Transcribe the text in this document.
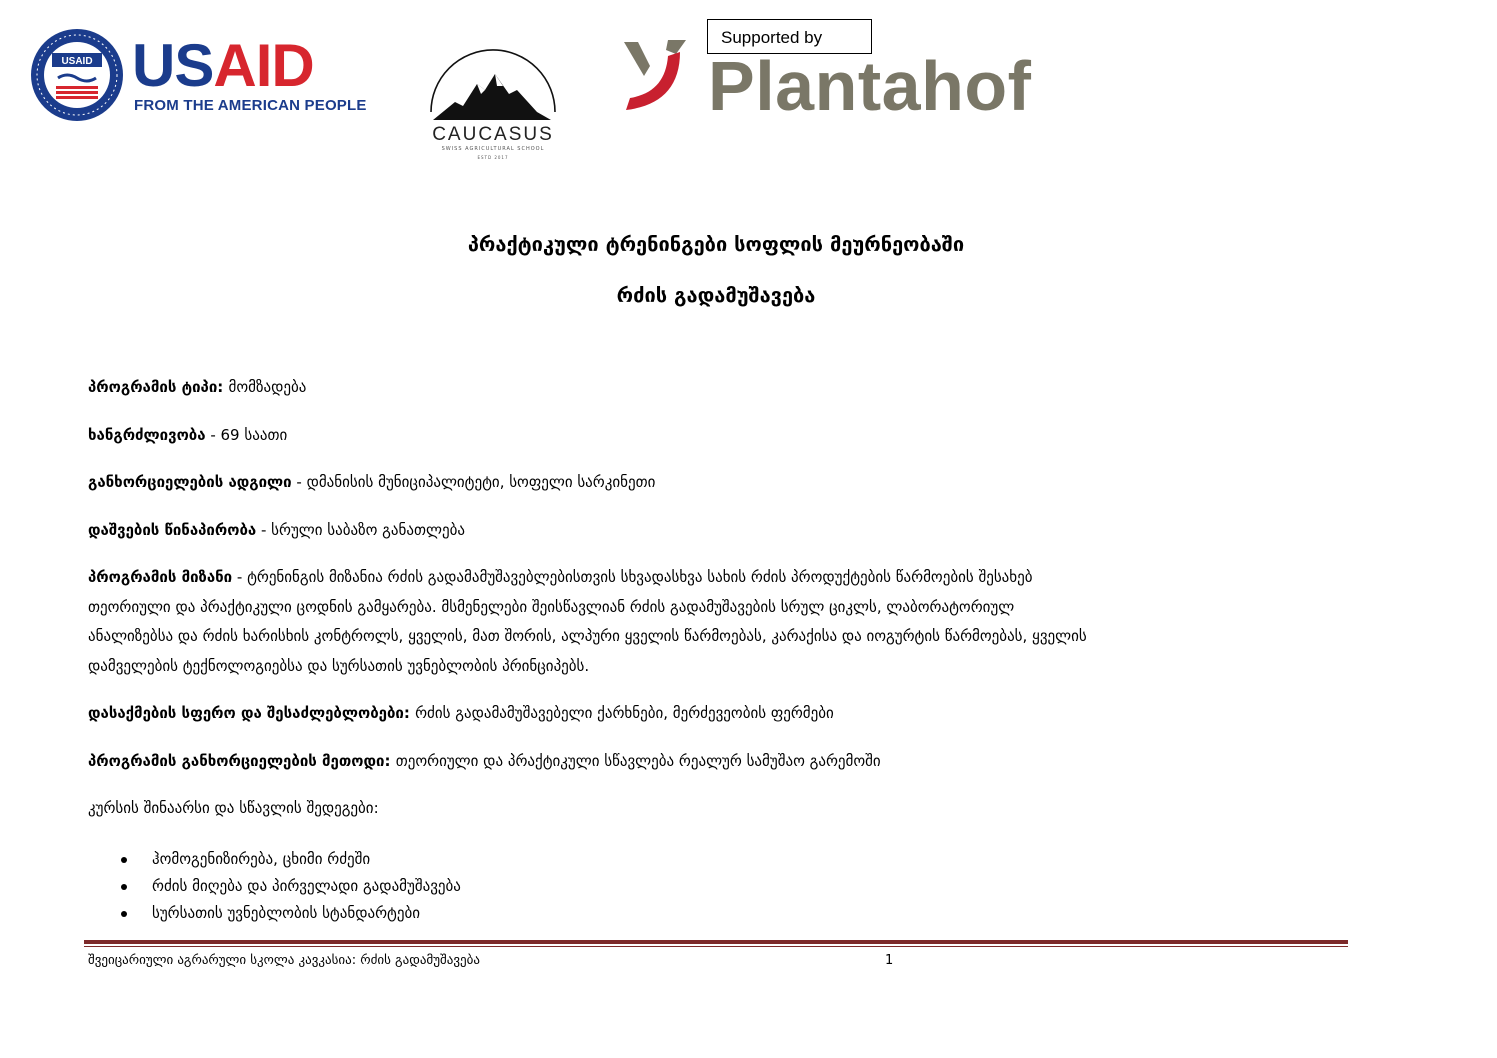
USAID USAID
FROM THE AMERICAN PEOPLE
CAUCASUS
SWISS AGRICULTURAL SCHOOL
ESTD 2017
Plantahof
Supported by
პრაქტიკული ტრენინგები სოფლის მეურნეობაში
რძის გადამუშავება
პროგრამის ტიპი: მომზადება
ხანგრძლივობა - 69 საათი
განხორციელების ადგილი - დმანისის მუნიციპალიტეტი, სოფელი სარკინეთი
დაშვების წინაპირობა - სრული საბაზო განათლება
პროგრამის მიზანი - ტრენინგის მიზანია რძის გადამამუშავებლებისთვის სხვადასხვა სახის რძის პროდუქტების წარმოების შესახებ
თეორიული და პრაქტიკული ცოდნის გამყარება. მსმენელები შეისწავლიან რძის გადამუშავების სრულ ციკლს, ლაბორატორიულ
ანალიზებსა და რძის ხარისხის კონტროლს, ყველის, მათ შორის, ალპური ყველის წარმოებას, კარაქისა და იოგურტის წარმოებას, ყველის
დამველების ტექნოლოგიებსა და სურსათის უვნებლობის პრინციპებს.
დასაქმების სფერო და შესაძლებლობები: რძის გადამამუშავებელი ქარხნები, მერძევეობის ფერმები
პროგრამის განხორციელების მეთოდი: თეორიული და პრაქტიკული სწავლება რეალურ სამუშაო გარემოში
კურსის შინაარსი და სწავლის შედეგები:
ჰომოგენიზირება, ცხიმი რძეში
რძის მიღება და პირველადი გადამუშავება
სურსათის უვნებლობის სტანდარტები
შვეიცარიული აგრარული სკოლა კავკასია: რძის გადამუშავება	1
